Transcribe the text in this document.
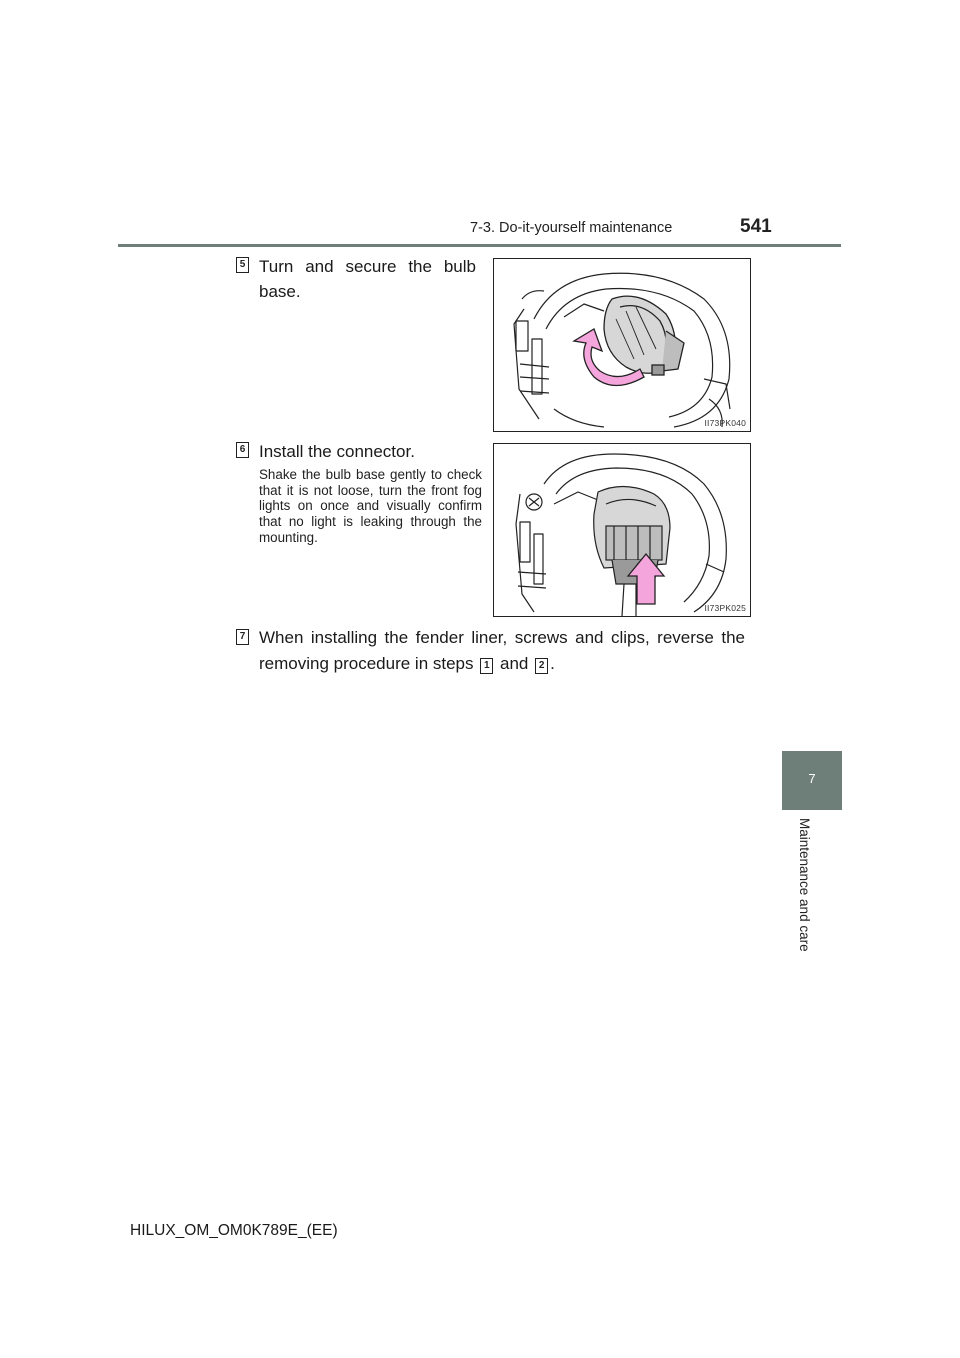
7-3. Do-it-yourself maintenance	541
7
Maintenance and care
5 Turn and secure the bulb base.
II73PK040
6 Install the connector.
Shake the bulb base gently to check that it is not loose, turn the front fog lights on once and visually confirm that no light is leaking through the mounting.
II73PK025
7 When installing the fender liner, screws and clips, reverse the
removing procedure in steps 1 and 2 .
HILUX_OM_OM0K789E_(EE)
